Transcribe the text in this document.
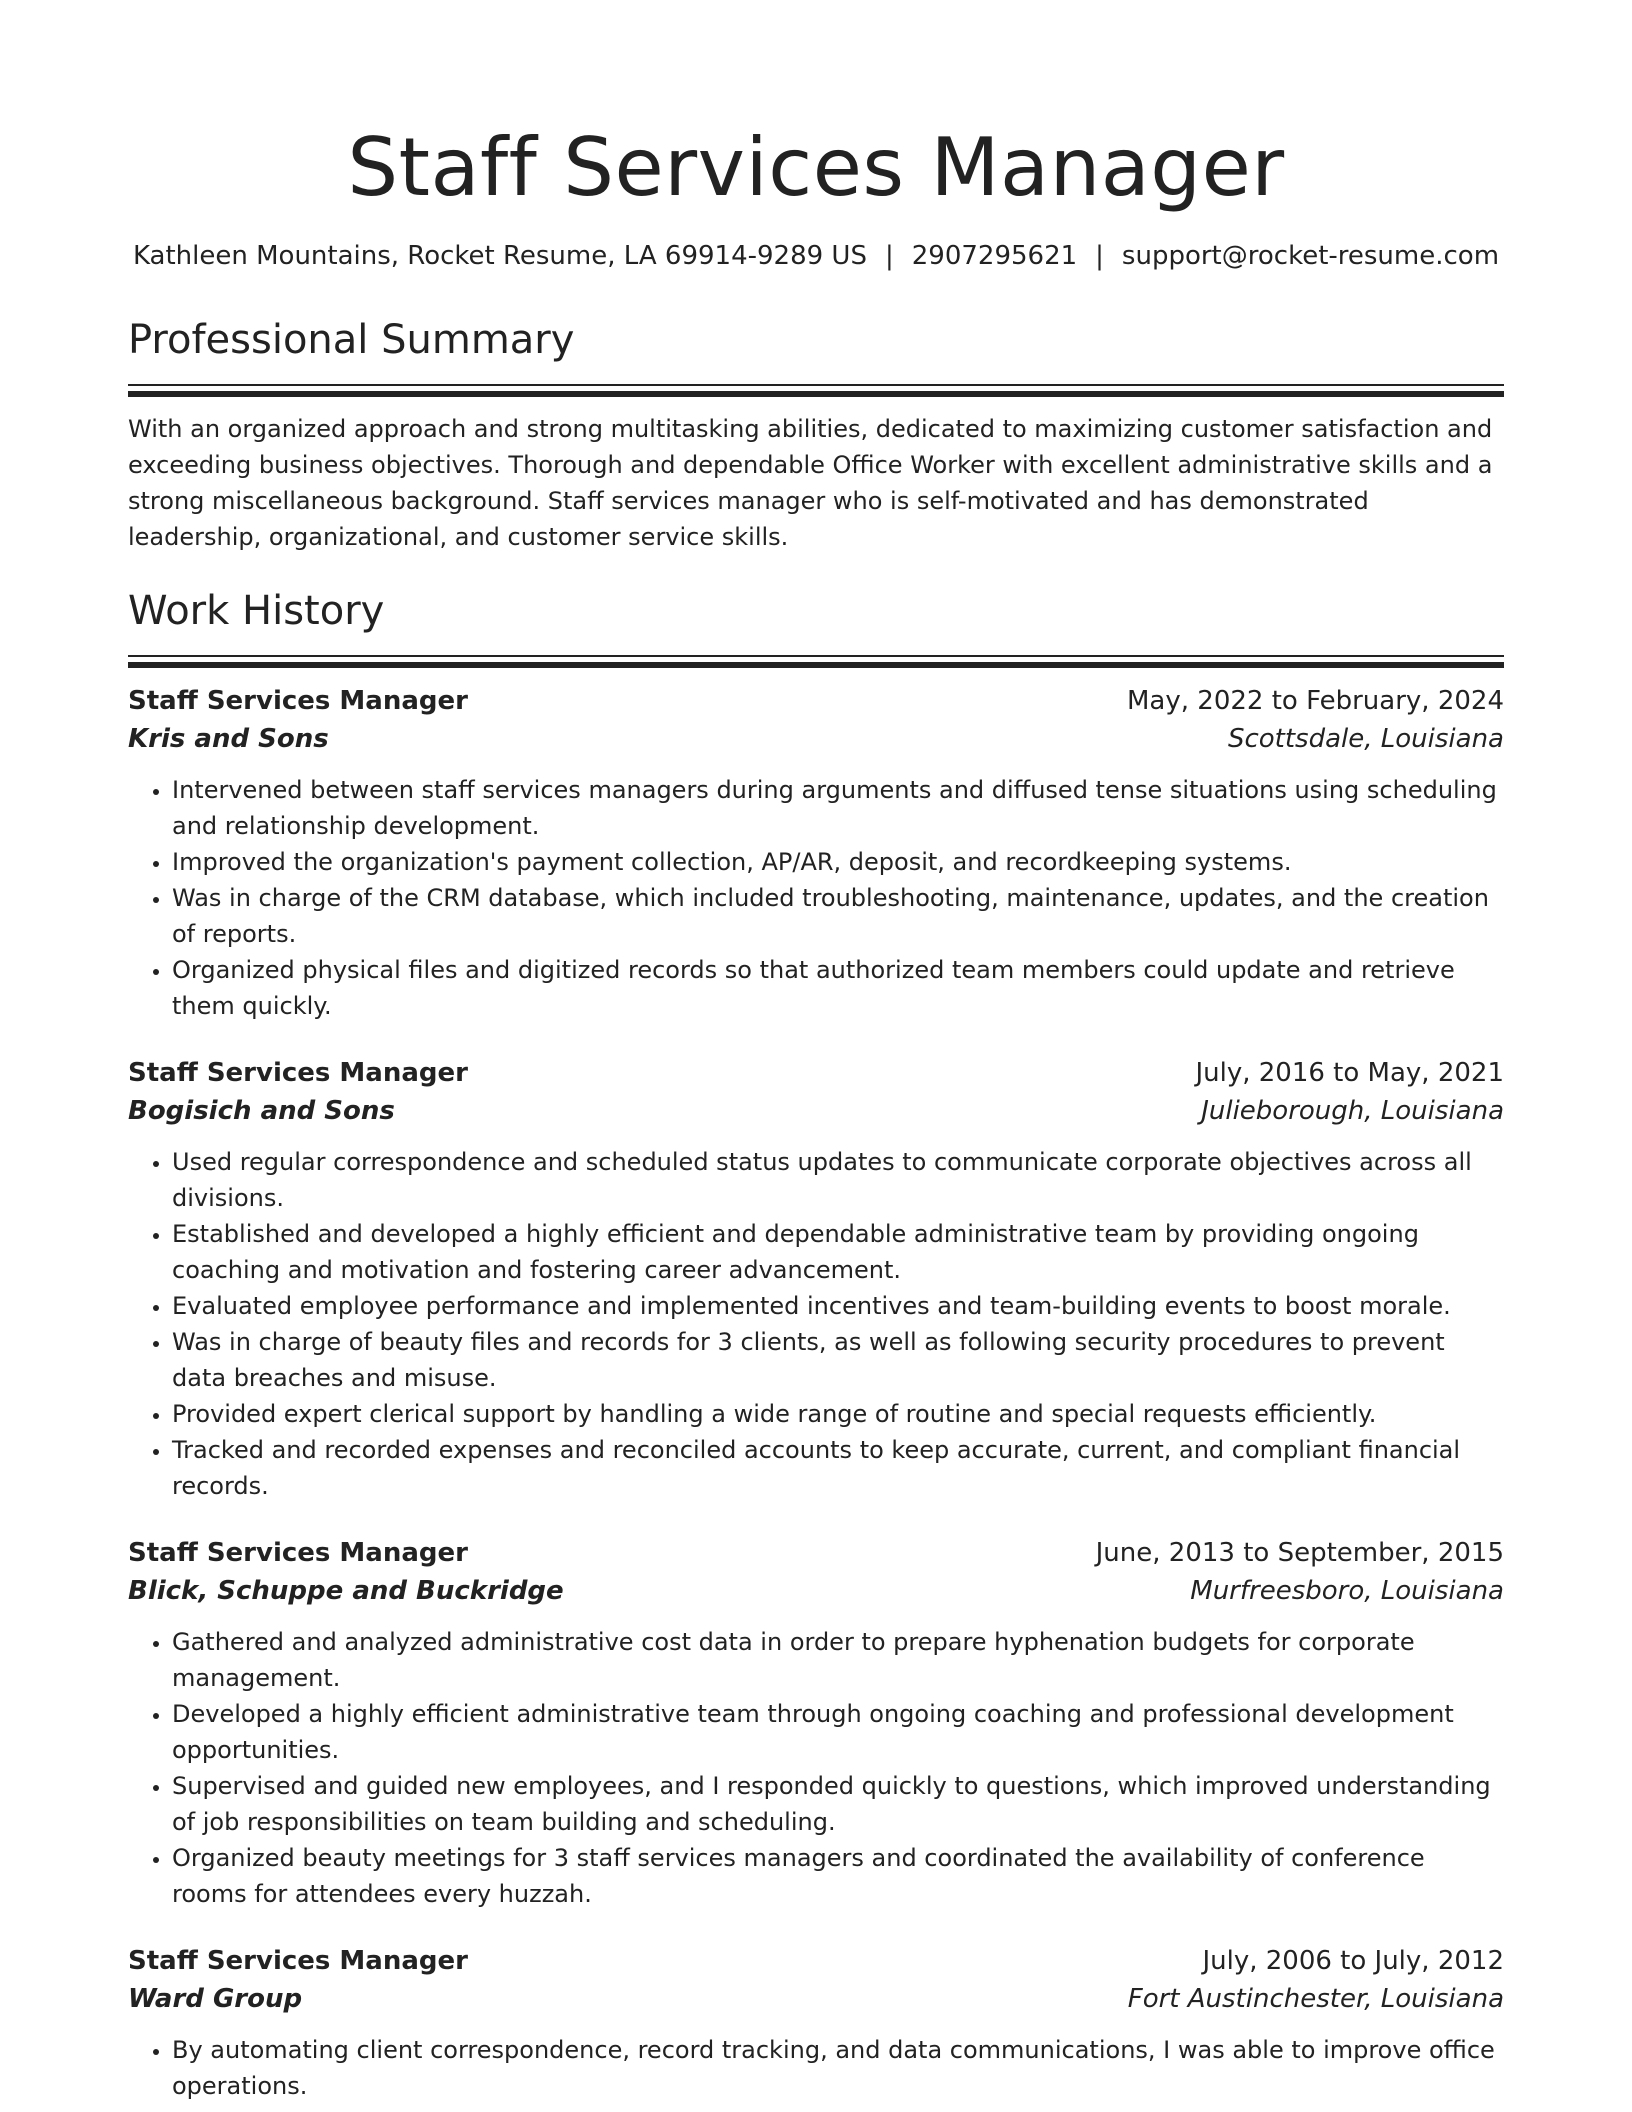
Staff Services Manager
Kathleen Mountains, Rocket Resume, LA 69914-9289 US | 2907295621 | support@rocket-resume.com
Professional Summary
With an organized approach and strong multitasking abilities, dedicated to maximizing customer satisfaction and exceeding business objectives. Thorough and dependable Office Worker with excellent administrative skills and a strong miscellaneous background. Staff services manager who is self-motivated and has demonstrated leadership, organizational, and customer service skills.
Work History
Staff Services Manager	May, 2022 to February, 2024
Kris and Sons	Scottsdale, Louisiana
• Intervened between staff services managers during arguments and diffused tense situations using scheduling and relationship development.
• Improved the organization's payment collection, AP/AR, deposit, and recordkeeping systems.
• Was in charge of the CRM database, which included troubleshooting, maintenance, updates, and the creation of reports.
• Organized physical files and digitized records so that authorized team members could update and retrieve them quickly.
Staff Services Manager	July, 2016 to May, 2021
Bogisich and Sons	Julieborough, Louisiana
• Used regular correspondence and scheduled status updates to communicate corporate objectives across all divisions.
• Established and developed a highly efficient and dependable administrative team by providing ongoing coaching and motivation and fostering career advancement.
• Evaluated employee performance and implemented incentives and team-building events to boost morale.
• Was in charge of beauty files and records for 3 clients, as well as following security procedures to prevent data breaches and misuse.
• Provided expert clerical support by handling a wide range of routine and special requests efficiently.
• Tracked and recorded expenses and reconciled accounts to keep accurate, current, and compliant financial records.
Staff Services Manager	June, 2013 to September, 2015
Blick, Schuppe and Buckridge	Murfreesboro, Louisiana
• Gathered and analyzed administrative cost data in order to prepare hyphenation budgets for corporate management.
• Developed a highly efficient administrative team through ongoing coaching and professional development opportunities.
• Supervised and guided new employees, and I responded quickly to questions, which improved understanding of job responsibilities on team building and scheduling.
• Organized beauty meetings for 3 staff services managers and coordinated the availability of conference rooms for attendees every huzzah.
Staff Services Manager	July, 2006 to July, 2012
Ward Group	Fort Austinchester, Louisiana
• By automating client correspondence, record tracking, and data communications, I was able to improve office operations.
